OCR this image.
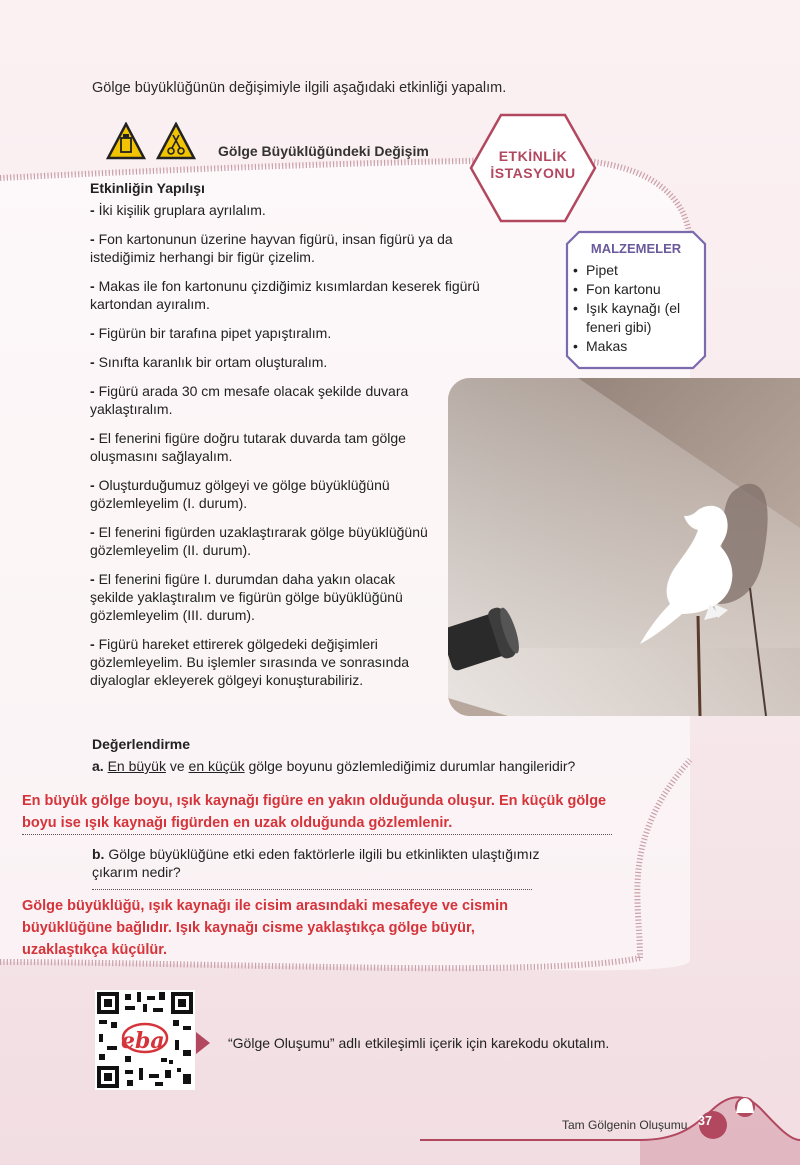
Gölge büyüklüğünün değişimiyle ilgili aşağıdaki etkinliği yapalım.
Gölge Büyüklüğündeki Değişim	ETKİNLİK
İSTASYONU
MALZEMELER
• Pipet
• Fon kartonu
• Işık kaynağı (el feneri gibi)
• Makas
Etkinliğin Yapılışı
- İki kişilik gruplara ayrılalım.
- Fon kartonunun üzerine hayvan figürü, insan figürü ya da istediğimiz herhangi bir figür çizelim.
- Makas ile fon kartonunu çizdiğimiz kısımlardan keserek figürü kartondan ayıralım.
- Figürün bir tarafına pipet yapıştıralım.
- Sınıfta karanlık bir ortam oluşturalım.
- Figürü arada 30 cm mesafe olacak şekilde duvara yaklaştıralım.
- El fenerini figüre doğru tutarak duvarda tam gölge oluşmasını sağlayalım.
- Oluşturduğumuz gölgeyi ve gölge büyüklüğünü gözlemleyelim (I. durum).
- El fenerini figürden uzaklaştırarak gölge büyüklüğünü gözlemleyelim (II. durum).
- El fenerini figüre I. durumdan daha yakın olacak şekilde yaklaştıralım ve figürün gölge büyüklüğünü gözlemleyelim (III. durum).
- Figürü hareket ettirerek gölgedeki değişimleri gözlemleyelim. Bu işlemler sırasında ve sonrasında diyaloglar ekleyerek gölgeyi konuşturabiliriz.
Değerlendirme
a. En büyük ve en küçük gölge boyunu gözlemlediğimiz durumlar hangileridir?
En büyük gölge boyu, ışık kaynağı figüre en yakın olduğunda oluşur. En küçük gölge boyu ise ışık kaynağı figürden en uzak olduğunda gözlemlenir.
b. Gölge büyüklüğüne etki eden faktörlerle ilgili bu etkinlikten ulaştığımız çıkarım nedir?
Gölge büyüklüğü, ışık kaynağı ile cisim arasındaki mesafeye ve cismin büyüklüğüne bağlıdır. Işık kaynağı cisme yaklaştıkça gölge büyür, uzaklaştıkça küçülür.
eba	“Gölge Oluşumu” adlı etkileşimli içerik için karekodu okutalım.
Tam Gölgenin Oluşumu 37
